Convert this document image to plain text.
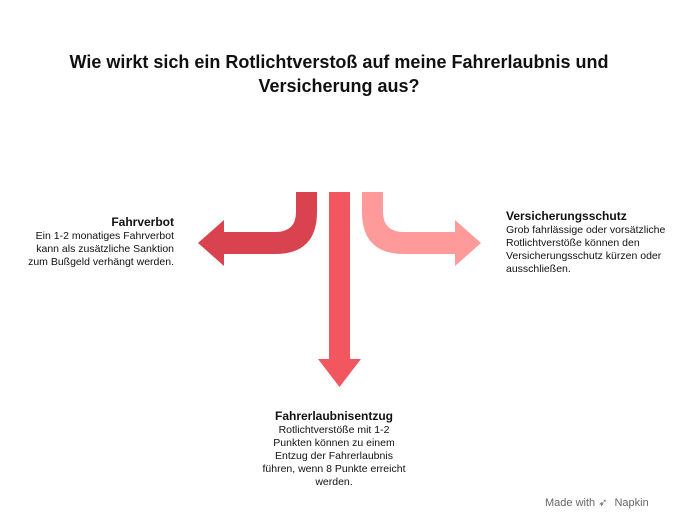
Wie wirkt sich ein Rotlichtverstoß auf meine Fahrerlaubnis und Versicherung aus?
Fahrverbot
Ein 1-2 monatiges Fahrverbot kann als zusätzliche Sanktion zum Bußgeld verhängt werden.
Fahrerlaubnisentzug
Rotlichtverstöße mit 1-2 Punkten können zu einem Entzug der Fahrerlaubnis führen, wenn 8 Punkte erreicht werden.
Versicherungsschutz
Grob fahrlässige oder vorsätzliche Rotlichtverstöße können den Versicherungsschutz kürzen oder ausschließen.
Made with ➶ Napkin
